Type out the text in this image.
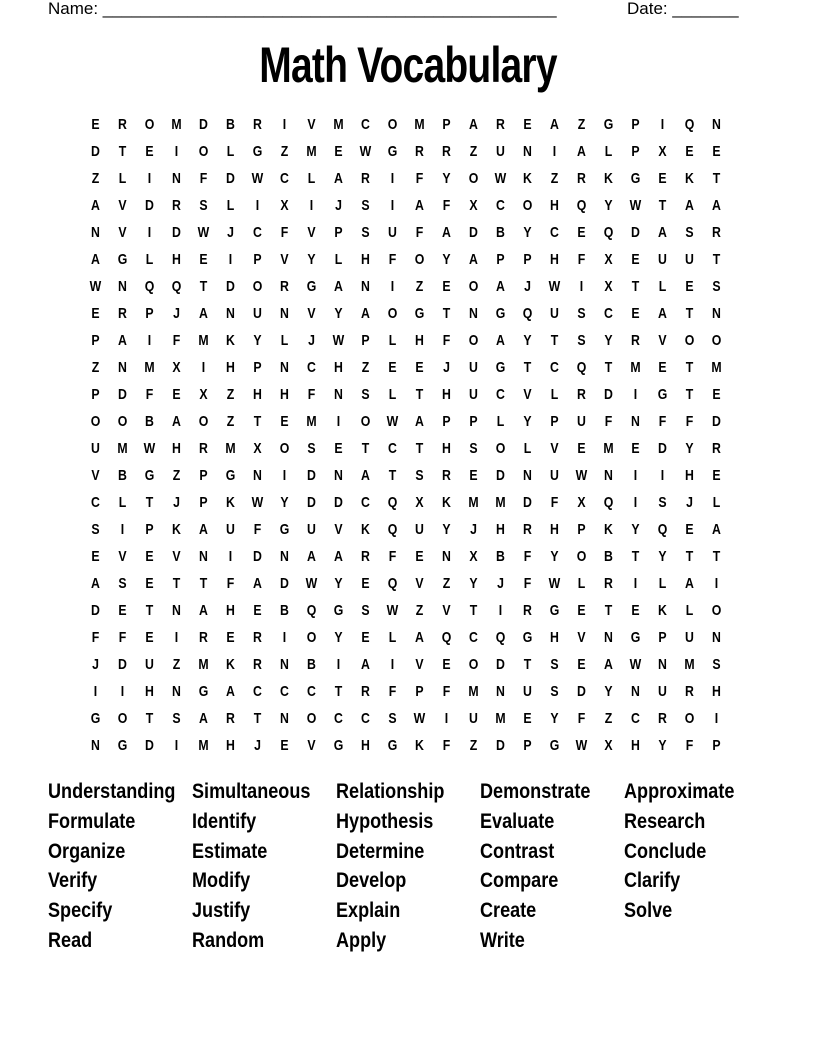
Name: ________________________________________________

	Date: _______

Math Vocabulary
E	R	O	M	D	B	R	I	V	M	C	O	M	P	A	R	E	A	Z	G	P	I	Q	N
D	T	E	I	O	L	G	Z	M	E	W	G	R	R	Z	U	N	I	A	L	P	X	E	E
Z	L	I	N	F	D	W	C	L	A	R	I	F	Y	O	W	K	Z	R	K	G	E	K	T
A	V	D	R	S	L	I	X	I	J	S	I	A	F	X	C	O	H	Q	Y	W	T	A	A
N	V	I	D	W	J	C	F	V	P	S	U	F	A	D	B	Y	C	E	Q	D	A	S	R
A	G	L	H	E	I	P	V	Y	L	H	F	O	Y	A	P	P	H	F	X	E	U	U	T
W	N	Q	Q	T	D	O	R	G	A	N	I	Z	E	O	A	J	W	I	X	T	L	E	S
E	R	P	J	A	N	U	N	V	Y	A	O	G	T	N	G	Q	U	S	C	E	A	T	N
P	A	I	F	M	K	Y	L	J	W	P	L	H	F	O	A	Y	T	S	Y	R	V	O	O
Z	N	M	X	I	H	P	N	C	H	Z	E	E	J	U	G	T	C	Q	T	M	E	T	M
P	D	F	E	X	Z	H	H	F	N	S	L	T	H	U	C	V	L	R	D	I	G	T	E
O	O	B	A	O	Z	T	E	M	I	O	W	A	P	P	L	Y	P	U	F	N	F	F	D
U	M	W	H	R	M	X	O	S	E	T	C	T	H	S	O	L	V	E	M	E	D	Y	R
V	B	G	Z	P	G	N	I	D	N	A	T	S	R	E	D	N	U	W	N	I	I	H	E
C	L	T	J	P	K	W	Y	D	D	C	Q	X	K	M	M	D	F	X	Q	I	S	J	L
S	I	P	K	A	U	F	G	U	V	K	Q	U	Y	J	H	R	H	P	K	Y	Q	E	A
E	V	E	V	N	I	D	N	A	A	R	F	E	N	X	B	F	Y	O	B	T	Y	T	T
A	S	E	T	T	F	A	D	W	Y	E	Q	V	Z	Y	J	F	W	L	R	I	L	A	I
D	E	T	N	A	H	E	B	Q	G	S	W	Z	V	T	I	R	G	E	T	E	K	L	O
F	F	E	I	R	E	R	I	O	Y	E	L	A	Q	C	Q	G	H	V	N	G	P	U	N
J	D	U	Z	M	K	R	N	B	I	A	I	V	E	O	D	T	S	E	A	W	N	M	S
I	I	H	N	G	A	C	C	C	T	R	F	P	F	M	N	U	S	D	Y	N	U	R	H
G	O	T	S	A	R	T	N	O	C	C	S	W	I	U	M	E	Y	F	Z	C	R	O	I
N	G	D	I	M	H	J	E	V	G	H	G	K	F	Z	D	P	G	W	X	H	Y	F	P
Understanding
Formulate
Organize
Verify
Specify
Read
Simultaneous
Identify
Estimate
Modify
Justify
Random
Relationship
Hypothesis
Determine
Develop
Explain
Apply
Demonstrate
Evaluate
Contrast
Compare
Create
Write
Approximate
Research
Conclude
Clarify
Solve
